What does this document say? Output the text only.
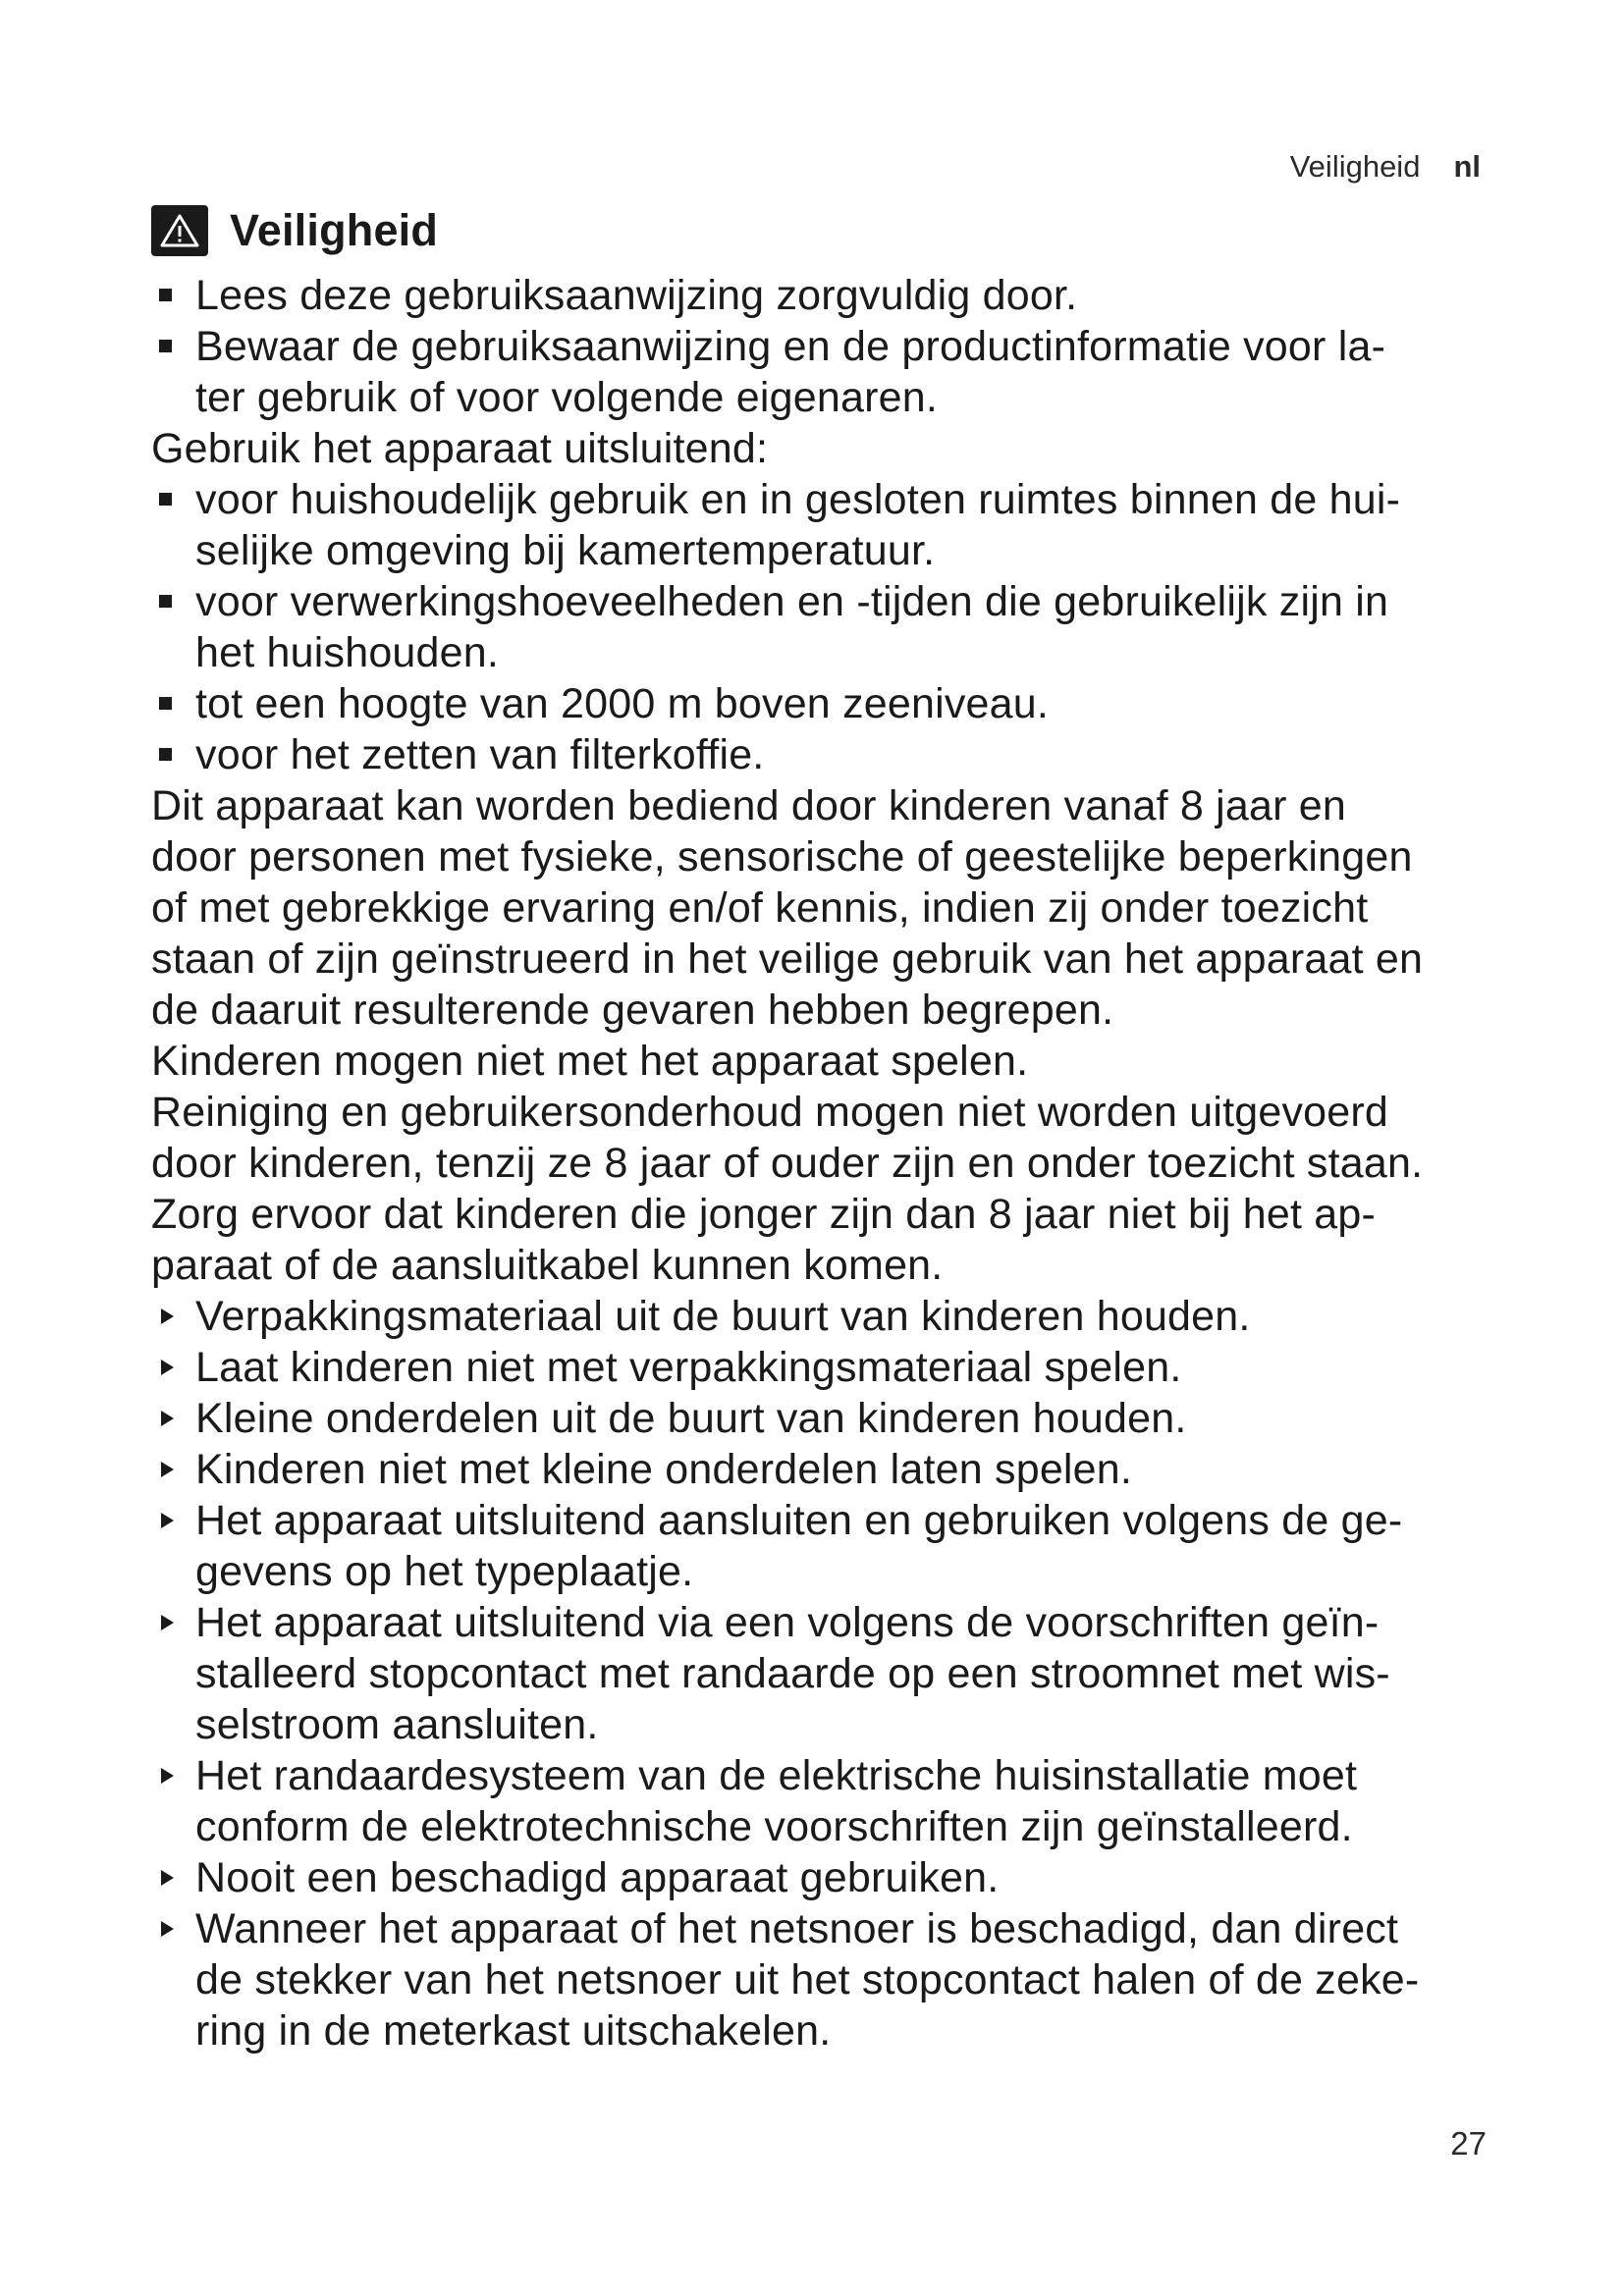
Veiligheid nl
Veiligheid
Lees deze gebruiksaanwijzing zorgvuldig door.
Bewaar de gebruiksaanwijzing en de productinformatie voor la-
ter gebruik of voor volgende eigenaren.

Gebruik het apparaat uitsluitend:

voor huishoudelijk gebruik en in gesloten ruimtes binnen de hui-
selijke omgeving bij kamertemperatuur.
voor verwerkingshoeveelheden en -tijden die gebruikelijk zijn in
het huishouden.
tot een hoogte van 2000 m boven zeeniveau.
voor het zetten van filterkoffie.

Dit apparaat kan worden bediend door kinderen vanaf 8 jaar en
door personen met fysieke, sensorische of geestelijke beperkingen
of met gebrekkige ervaring en/of kennis, indien zij onder toezicht
staan of zijn geïnstrueerd in het veilige gebruik van het apparaat en
de daaruit resulterende gevaren hebben begrepen.

Kinderen mogen niet met het apparaat spelen.

Reiniging en gebruikersonderhoud mogen niet worden uitgevoerd
door kinderen, tenzij ze 8 jaar of ouder zijn en onder toezicht staan.

Zorg ervoor dat kinderen die jonger zijn dan 8 jaar niet bij het ap-
paraat of de aansluitkabel kunnen komen.

Verpakkingsmateriaal uit de buurt van kinderen houden.
Laat kinderen niet met verpakkingsmateriaal spelen.
Kleine onderdelen uit de buurt van kinderen houden.
Kinderen niet met kleine onderdelen laten spelen.
Het apparaat uitsluitend aansluiten en gebruiken volgens de ge-
gevens op het typeplaatje.
Het apparaat uitsluitend via een volgens de voorschriften geïn-
stalleerd stopcontact met randaarde op een stroomnet met wis-
selstroom aansluiten.
Het randaardesysteem van de elektrische huisinstallatie moet
conform de elektrotechnische voorschriften zijn geïnstalleerd.
Nooit een beschadigd apparaat gebruiken.
Wanneer het apparaat of het netsnoer is beschadigd, dan direct
de stekker van het netsnoer uit het stopcontact halen of de zeke-
ring in de meterkast uitschakelen.
27
